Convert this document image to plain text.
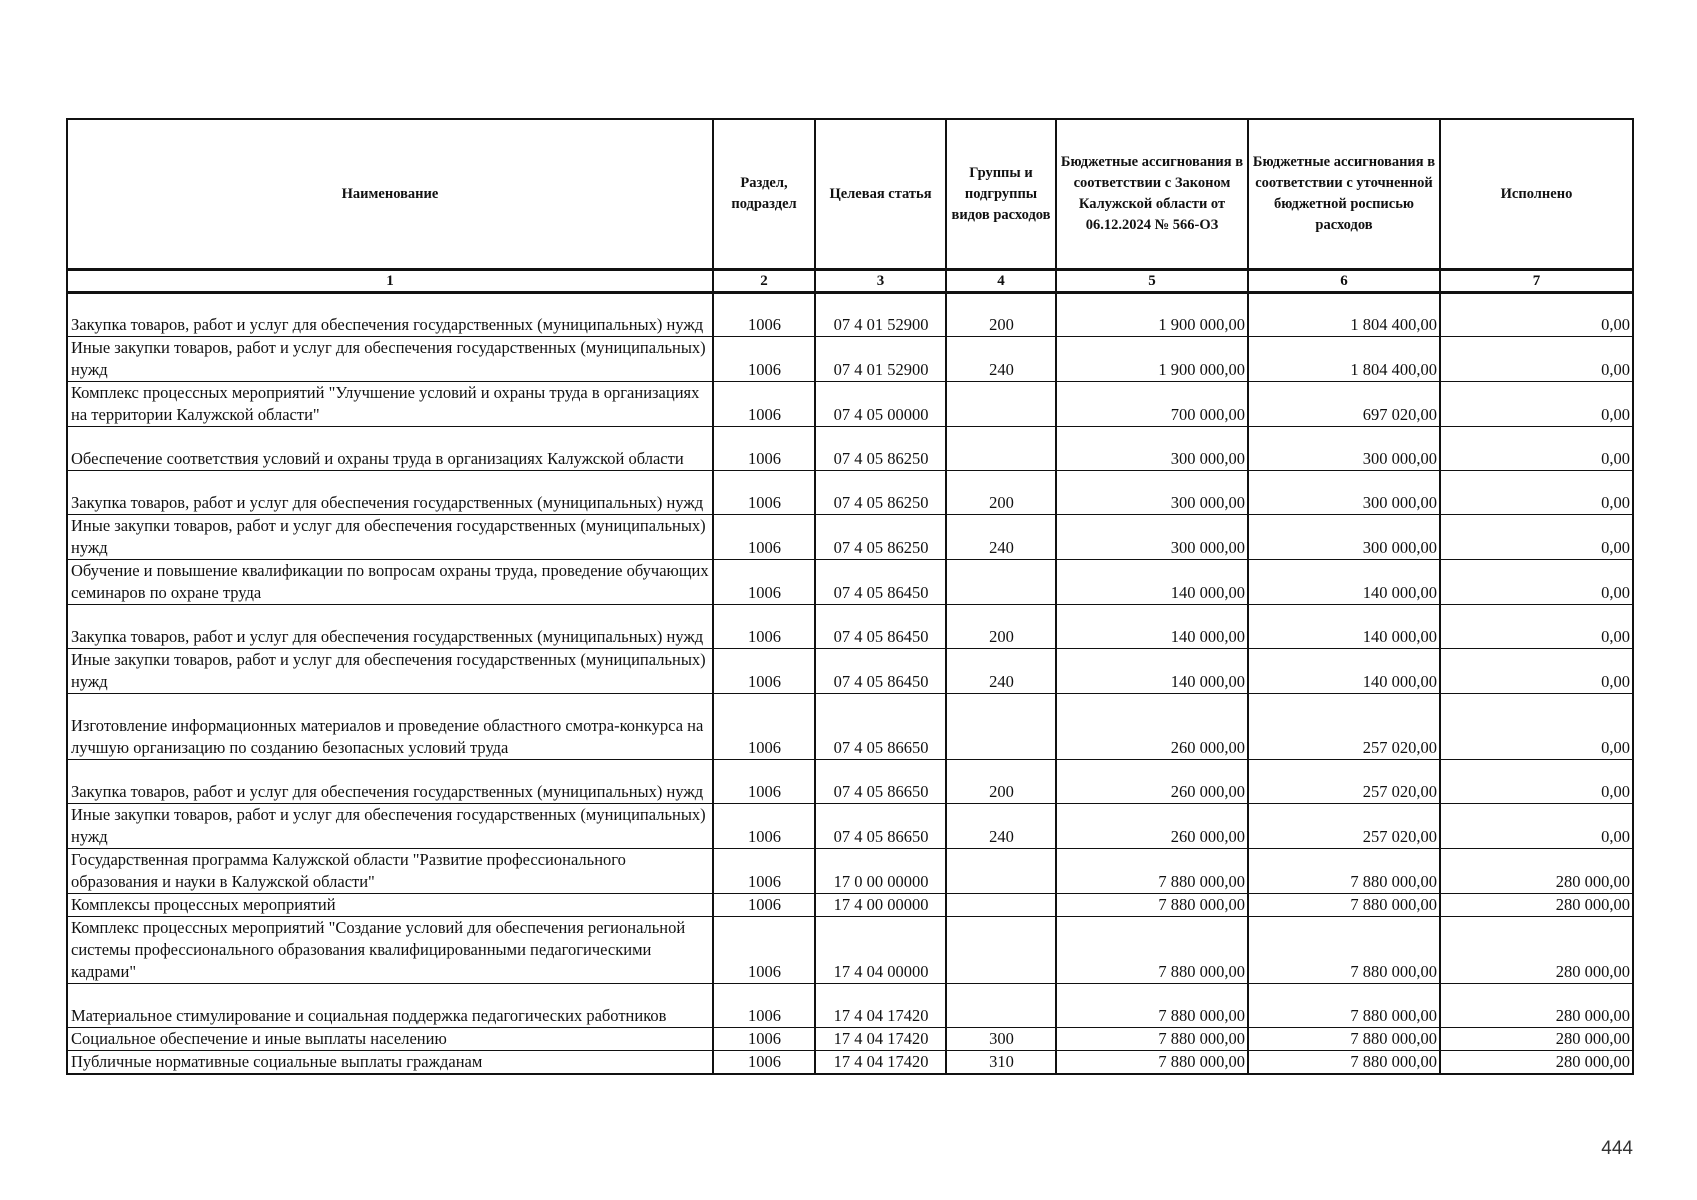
Наименование	Раздел, подраздел	Целевая статья	Группы и подгруппы видов расходов	Бюджетные ассигнования в соответствии с Законом Калужской области от 06.12.2024 № 566-ОЗ	Бюджетные ассигнования в соответствии с уточненной бюджетной росписью расходов	Исполнено
1	2	3	4	5	6	7
Закупка товаров, работ и услуг для обеспечения государственных (муниципальных) нужд	1006	07 4 01 52900	200	1 900 000,00	1 804 400,00	0,00
Иные закупки товаров, работ и услуг для обеспечения государственных (муниципальных) нужд	1006	07 4 01 52900	240	1 900 000,00	1 804 400,00	0,00
Комплекс процессных мероприятий "Улучшение условий и охраны труда в организациях на территории Калужской области"	1006	07 4 05 00000		700 000,00	697 020,00	0,00
Обеспечение соответствия условий и охраны труда в организациях Калужской области	1006	07 4 05 86250		300 000,00	300 000,00	0,00
Закупка товаров, работ и услуг для обеспечения государственных (муниципальных) нужд	1006	07 4 05 86250	200	300 000,00	300 000,00	0,00
Иные закупки товаров, работ и услуг для обеспечения государственных (муниципальных) нужд	1006	07 4 05 86250	240	300 000,00	300 000,00	0,00
Обучение и повышение квалификации по вопросам охраны труда, проведение обучающих семинаров по охране труда	1006	07 4 05 86450		140 000,00	140 000,00	0,00
Закупка товаров, работ и услуг для обеспечения государственных (муниципальных) нужд	1006	07 4 05 86450	200	140 000,00	140 000,00	0,00
Иные закупки товаров, работ и услуг для обеспечения государственных (муниципальных) нужд	1006	07 4 05 86450	240	140 000,00	140 000,00	0,00
Изготовление информационных материалов и проведение областного смотра-конкурса на лучшую организацию по созданию безопасных условий труда	1006	07 4 05 86650		260 000,00	257 020,00	0,00
Закупка товаров, работ и услуг для обеспечения государственных (муниципальных) нужд	1006	07 4 05 86650	200	260 000,00	257 020,00	0,00
Иные закупки товаров, работ и услуг для обеспечения государственных (муниципальных) нужд	1006	07 4 05 86650	240	260 000,00	257 020,00	0,00
Государственная программа Калужской области "Развитие профессионального образования и науки в Калужской области"	1006	17 0 00 00000		7 880 000,00	7 880 000,00	280 000,00
Комплексы процессных мероприятий	1006	17 4 00 00000		7 880 000,00	7 880 000,00	280 000,00
Комплекс процессных мероприятий "Создание условий для обеспечения региональной системы профессионального образования квалифицированными педагогическими кадрами"	1006	17 4 04 00000		7 880 000,00	7 880 000,00	280 000,00
Материальное стимулирование и социальная поддержка педагогических работников	1006	17 4 04 17420		7 880 000,00	7 880 000,00	280 000,00
Социальное обеспечение и иные выплаты населению	1006	17 4 04 17420	300	7 880 000,00	7 880 000,00	280 000,00
Публичные нормативные социальные выплаты гражданам	1006	17 4 04 17420	310	7 880 000,00	7 880 000,00	280 000,00
444
